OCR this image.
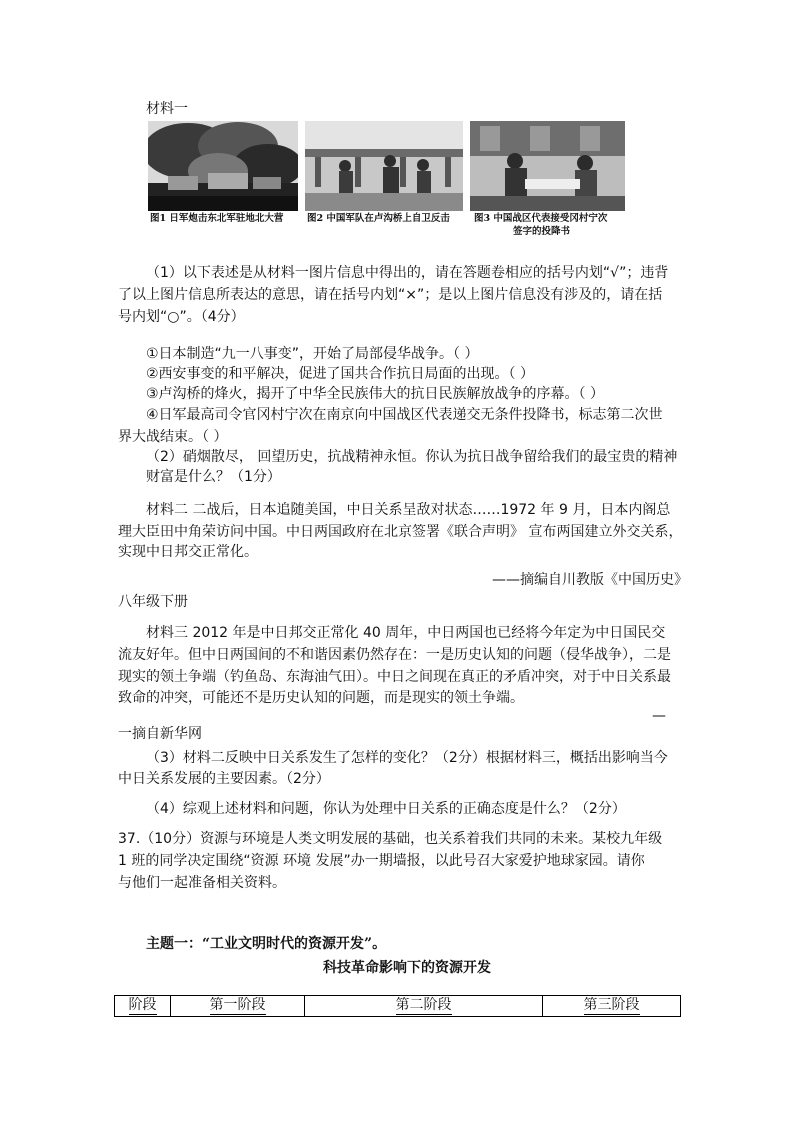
材料一
图1 日军炮击东北军驻地北大营 图2 中国军队在卢沟桥上自卫反击	图3 中国战区代表接受冈村宁次
签字的投降书
（1）以下表述是从材料一图片信息中得出的，请在答题卷相应的括号内划“√”；违背
了以上图片信息所表达的意思，请在括号内划“×”；是以上图片信息没有涉及的，请在括
号内划“○”。（4分）
①日本制造“九一八事变”，开始了局部侵华战争。（ ）
②西安事变的和平解决，促进了国共合作抗日局面的出现。（ ）
③卢沟桥的烽火，揭开了中华全民族伟大的抗日民族解放战争的序幕。（ ）
④日军最高司令官冈村宁次在南京向中国战区代表递交无条件投降书，标志第二次世
界大战结束。（ ）
（2）硝烟散尽， 回望历史，抗战精神永恒。你认为抗日战争留给我们的最宝贵的精神
财富是什么？（1分）
材料二 二战后，日本追随美国，中日关系呈敌对状态……1972 年 9 月，日本内阁总
理大臣田中角荣访问中国。中日两国政府在北京签署《联合声明》 宣布两国建立外交关系，
实现中日邦交正常化。
——摘编自川教版《中国历史》
八年级下册
材料三 2012 年是中日邦交正常化 40 周年，中日两国也已经将今年定为中日国民交
流友好年。但中日两国间的不和谐因素仍然存在：一是历史认知的问题（侵华战争），二是
现实的领土争端（钓鱼岛、东海油气田）。中日之间现在真正的矛盾冲突，对于中日关系最
致命的冲突，可能还不是历史认知的问题，而是现实的领土争端。
—
一摘自新华网
（3）材料二反映中日关系发生了怎样的变化？（2分）根据材料三，概括出影响当今
中日关系发展的主要因素。（2分）
（4）综观上述材料和问题，你认为处理中日关系的正确态度是什么？（2分）
37.（10分）资源与环境是人类文明发展的基础，也关系着我们共同的未来。某校九年级
1 班的同学决定围绕“资源 环境 发展”办一期墙报，以此号召大家爱护地球家园。请你
与他们一起准备相关资料。
主题一：“工业文明时代的资源开发”。
科技革命影响下的资源开发
阶段	第一阶段	第二阶段	第三阶段
